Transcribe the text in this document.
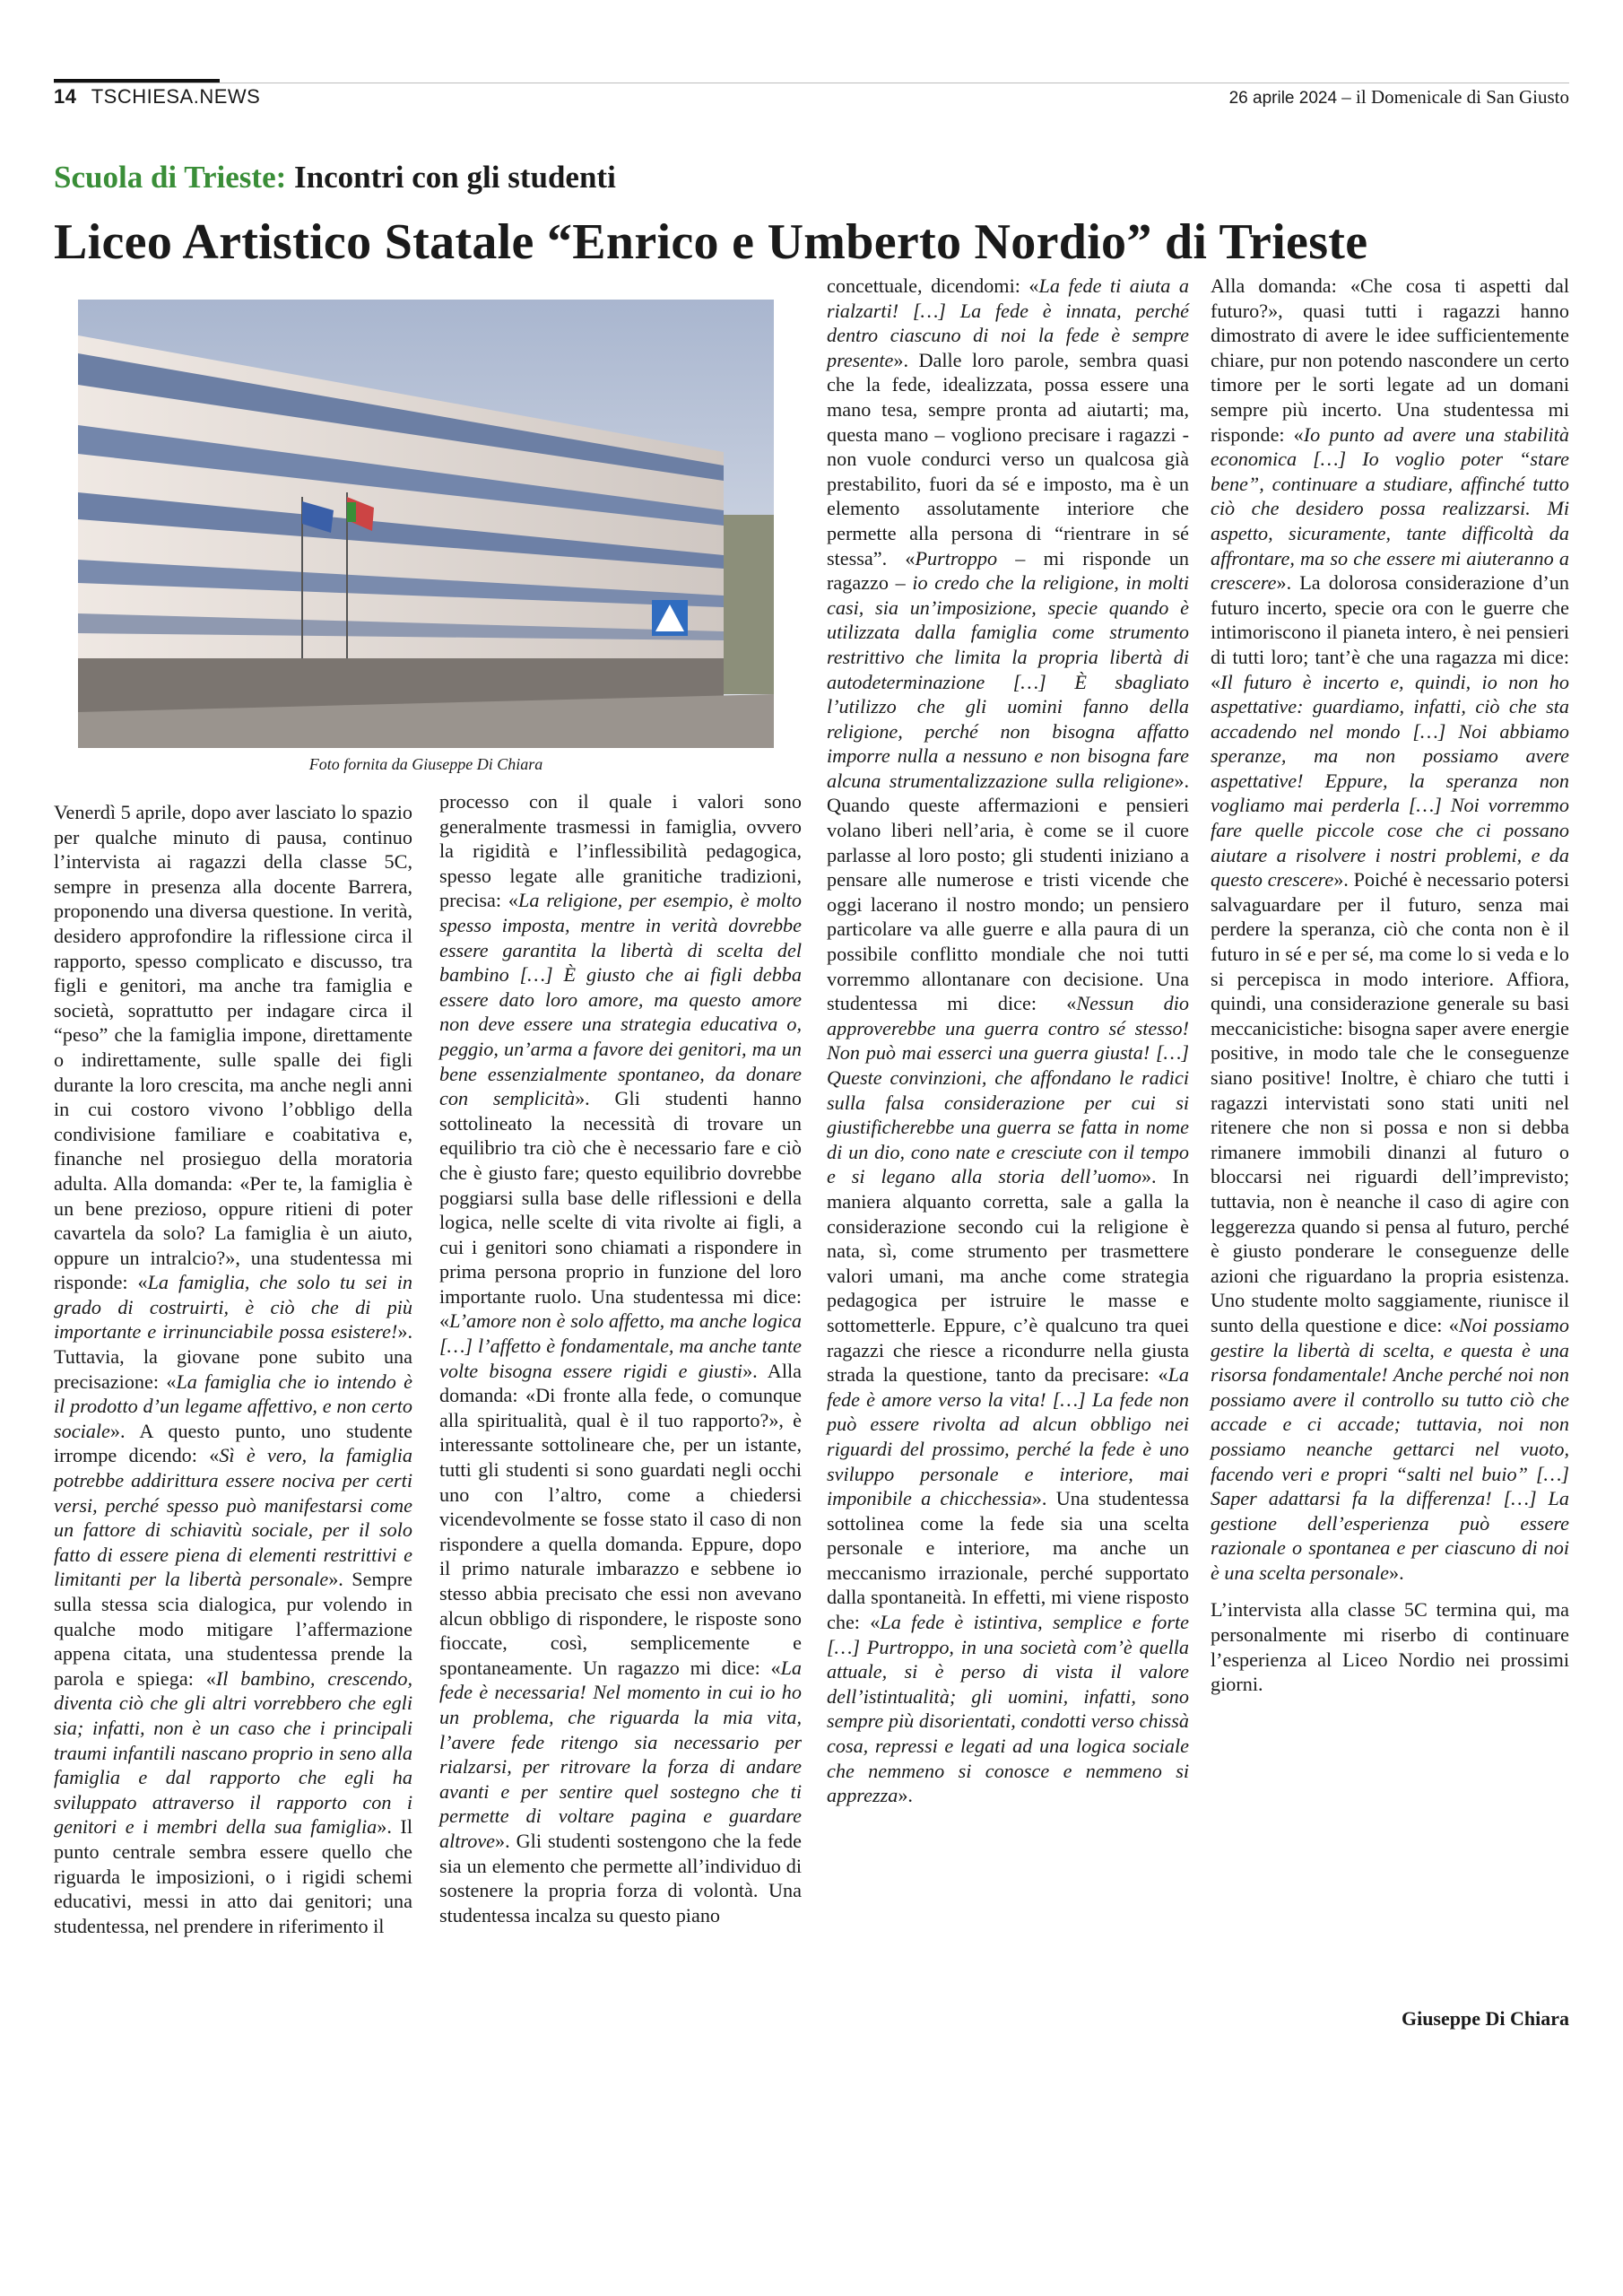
14 TSCHIESA.NEWS	26 aprile 2024 – il Domenicale di San Giusto
Scuola di Trieste: Incontri con gli studenti
Liceo Artistico Statale “Enrico e Umberto Nordio” di Trieste
Foto fornita da Giuseppe Di Chiara

Venerdì 5 aprile, dopo aver lasciato lo spazio per qualche minuto di pausa, continuo l’intervista ai ragazzi della classe 5C, sempre in presenza alla docente Barrera, proponendo una diversa questione. In verità, desidero approfondire la riflessione circa il rapporto, spesso complicato e discusso, tra figli e genitori, ma anche tra famiglia e società, soprattutto per indagare circa il “peso” che la famiglia impone, direttamente o indirettamente, sulle spalle dei figli durante la loro crescita, ma anche negli anni in cui costoro vivono l’obbligo della condivisione familiare e coabitativa e, finanche nel prosieguo della moratoria adulta. Alla domanda: «Per te, la famiglia è un bene prezioso, oppure ritieni di poter cavartela da solo? La famiglia è un aiuto, oppure un intralcio?», una studentessa mi risponde: «La famiglia, che solo tu sei in grado di costruirti, è ciò che di più importante e irrinunciabile possa esistere!». Tuttavia, la giovane pone subito una precisazione: «La famiglia che io intendo è il prodotto d’un legame affettivo, e non certo sociale». A questo punto, uno studente irrompe dicendo: «Sì è vero, la famiglia potrebbe addirittura essere nociva per certi versi, perché spesso può manifestarsi come un fattore di schiavitù sociale, per il solo fatto di essere piena di elementi restrittivi e limitanti per la libertà personale». Sempre sulla stessa scia dialogica, pur volendo in qualche modo mitigare l’affermazione appena citata, una studentessa prende la parola e spiega: «Il bambino, crescendo, diventa ciò che gli altri vorrebbero che egli sia; infatti, non è un caso che i principali traumi infantili nascano proprio in seno alla famiglia e dal rapporto che egli ha sviluppato attraverso il rapporto con i genitori e i membri della sua famiglia». Il punto centrale sembra essere quello che riguarda le imposizioni, o i rigidi schemi educativi, messi in atto dai genitori; una studentessa, nel prendere in riferimento il

processo con il quale i valori sono generalmente trasmessi in famiglia, ovvero la rigidità e l’inflessibilità pedagogica, spesso legate alle granitiche tradizioni, precisa: «La religione, per esempio, è molto spesso imposta, mentre in verità dovrebbe essere garantita la libertà di scelta del bambino […] È giusto che ai figli debba essere dato loro amore, ma questo amore non deve essere una strategia educativa o, peggio, un’arma a favore dei genitori, ma un bene essenzialmente spontaneo, da donare con semplicità». Gli studenti hanno sottolineato la necessità di trovare un equilibrio tra ciò che è necessario fare e ciò che è giusto fare; questo equilibrio dovrebbe poggiarsi sulla base delle riflessioni e della logica, nelle scelte di vita rivolte ai figli, a cui i genitori sono chiamati a rispondere in prima persona proprio in funzione del loro importante ruolo. Una studentessa mi dice: «L’amore non è solo affetto, ma anche logica […] l’affetto è fondamentale, ma anche tante volte bisogna essere rigidi e giusti». Alla domanda: «Di fronte alla fede, o comunque alla spiritualità, qual è il tuo rapporto?», è interessante sottolineare che, per un istante, tutti gli studenti si sono guardati negli occhi uno con l’altro, come a chiedersi vicendevolmente se fosse stato il caso di non rispondere a quella domanda. Eppure, dopo il primo naturale imbarazzo e sebbene io stesso abbia precisato che essi non avevano alcun obbligo di rispondere, le risposte sono fioccate, così, semplicemente e spontaneamente. Un ragazzo mi dice: «La fede è necessaria! Nel momento in cui io ho un problema, che riguarda la mia vita, l’avere fede ritengo sia necessario per rialzarsi, per ritrovare la forza di andare avanti e per sentire quel sostegno che ti permette di voltare pagina e guardare altrove». Gli studenti sostengono che la fede sia un elemento che permette all’individuo di sostenere la propria forza di volontà. Una studentessa incalza su questo piano

concettuale, dicendomi: «La fede ti aiuta a rialzarti! […] La fede è innata, perché dentro ciascuno di noi la fede è sempre presente». Dalle loro parole, sembra quasi che la fede, idealizzata, possa essere una mano tesa, sempre pronta ad aiutarti; ma, questa mano – vogliono precisare i ragazzi - non vuole condurci verso un qualcosa già prestabilito, fuori da sé e imposto, ma è un elemento assolutamente interiore che permette alla persona di “rientrare in sé stessa”. «Purtroppo – mi risponde un ragazzo – io credo che la religione, in molti casi, sia un’imposizione, specie quando è utilizzata dalla famiglia come strumento restrittivo che limita la propria libertà di autodeterminazione […] È sbagliato l’utilizzo che gli uomini fanno della religione, perché non bisogna affatto imporre nulla a nessuno e non bisogna fare alcuna strumentalizzazione sulla religione». Quando queste affermazioni e pensieri volano liberi nell’aria, è come se il cuore parlasse al loro posto; gli studenti iniziano a pensare alle numerose e tristi vicende che oggi lacerano il nostro mondo; un pensiero particolare va alle guerre e alla paura di un possibile conflitto mondiale che noi tutti vorremmo allontanare con decisione. Una studentessa mi dice: «Nessun dio approverebbe una guerra contro sé stesso! Non può mai esserci una guerra giusta! […] Queste convinzioni, che affondano le radici sulla falsa considerazione per cui si giustificherebbe una guerra se fatta in nome di un dio, cono nate e cresciute con il tempo e si legano alla storia dell’uomo». In maniera alquanto corretta, sale a galla la considerazione secondo cui la religione è nata, sì, come strumento per trasmettere valori umani, ma anche come strategia pedagogica per istruire le masse e sottometterle. Eppure, c’è qualcuno tra quei ragazzi che riesce a ricondurre nella giusta strada la questione, tanto da precisare: «La fede è amore verso la vita! […] La fede non può essere rivolta ad alcun obbligo nei riguardi del prossimo, perché la fede è uno sviluppo personale e interiore, mai imponibile a chicchessia». Una studentessa sottolinea come la fede sia una scelta personale e interiore, ma anche un meccanismo irrazionale, perché supportato dalla spontaneità. In effetti, mi viene risposto che: «La fede è istintiva, semplice e forte […] Purtroppo, in una società com’è quella attuale, si è perso di vista il valore dell’istintualità; gli uomini, infatti, sono sempre più disorientati, condotti verso chissà cosa, repressi e legati ad una logica sociale che nemmeno si conosce e nemmeno si apprezza».

Alla domanda: «Che cosa ti aspetti dal futuro?», quasi tutti i ragazzi hanno dimostrato di avere le idee sufficientemente chiare, pur non potendo nascondere un certo timore per le sorti legate ad un domani sempre più incerto. Una studentessa mi risponde: «Io punto ad avere una stabilità economica […] Io voglio poter “stare bene”, continuare a studiare, affinché tutto ciò che desidero possa realizzarsi. Mi aspetto, sicuramente, tante difficoltà da affrontare, ma so che essere mi aiuteranno a crescere». La dolorosa considerazione d’un futuro incerto, specie ora con le guerre che intimoriscono il pianeta intero, è nei pensieri di tutti loro; tant’è che una ragazza mi dice: «Il futuro è incerto e, quindi, io non ho aspettative: guardiamo, infatti, ciò che sta accadendo nel mondo […] Noi abbiamo speranze, ma non possiamo avere aspettative! Eppure, la speranza non vogliamo mai perderla […] Noi vorremmo fare quelle piccole cose che ci possano aiutare a risolvere i nostri problemi, e da questo crescere». Poiché è necessario potersi salvaguardare per il futuro, senza mai perdere la speranza, ciò che conta non è il futuro in sé e per sé, ma come lo si veda e lo si percepisca in modo interiore. Affiora, quindi, una considerazione generale su basi meccanicistiche: bisogna saper avere energie positive, in modo tale che le conseguenze siano positive! Inoltre, è chiaro che tutti i ragazzi intervistati sono stati uniti nel ritenere che non si possa e non si debba rimanere immobili dinanzi al futuro o bloccarsi nei riguardi dell’imprevisto; tuttavia, non è neanche il caso di agire con leggerezza quando si pensa al futuro, perché è giusto ponderare le conseguenze delle azioni che riguardano la propria esistenza. Uno studente molto saggiamente, riunisce il sunto della questione e dice: «Noi possiamo gestire la libertà di scelta, e questa è una risorsa fondamentale! Anche perché noi non possiamo avere il controllo su tutto ciò che accade e ci accade; tuttavia, noi non possiamo neanche gettarci nel vuoto, facendo veri e propri “salti nel buio” […] Saper adattarsi fa la differenza! […] La gestione dell’esperienza può essere razionale o spontanea e per ciascuno di noi è una scelta personale».

L’intervista alla classe 5C termina qui, ma personalmente mi riserbo di continuare l’esperienza al Liceo Nordio nei prossimi giorni.

Giuseppe Di Chiara
